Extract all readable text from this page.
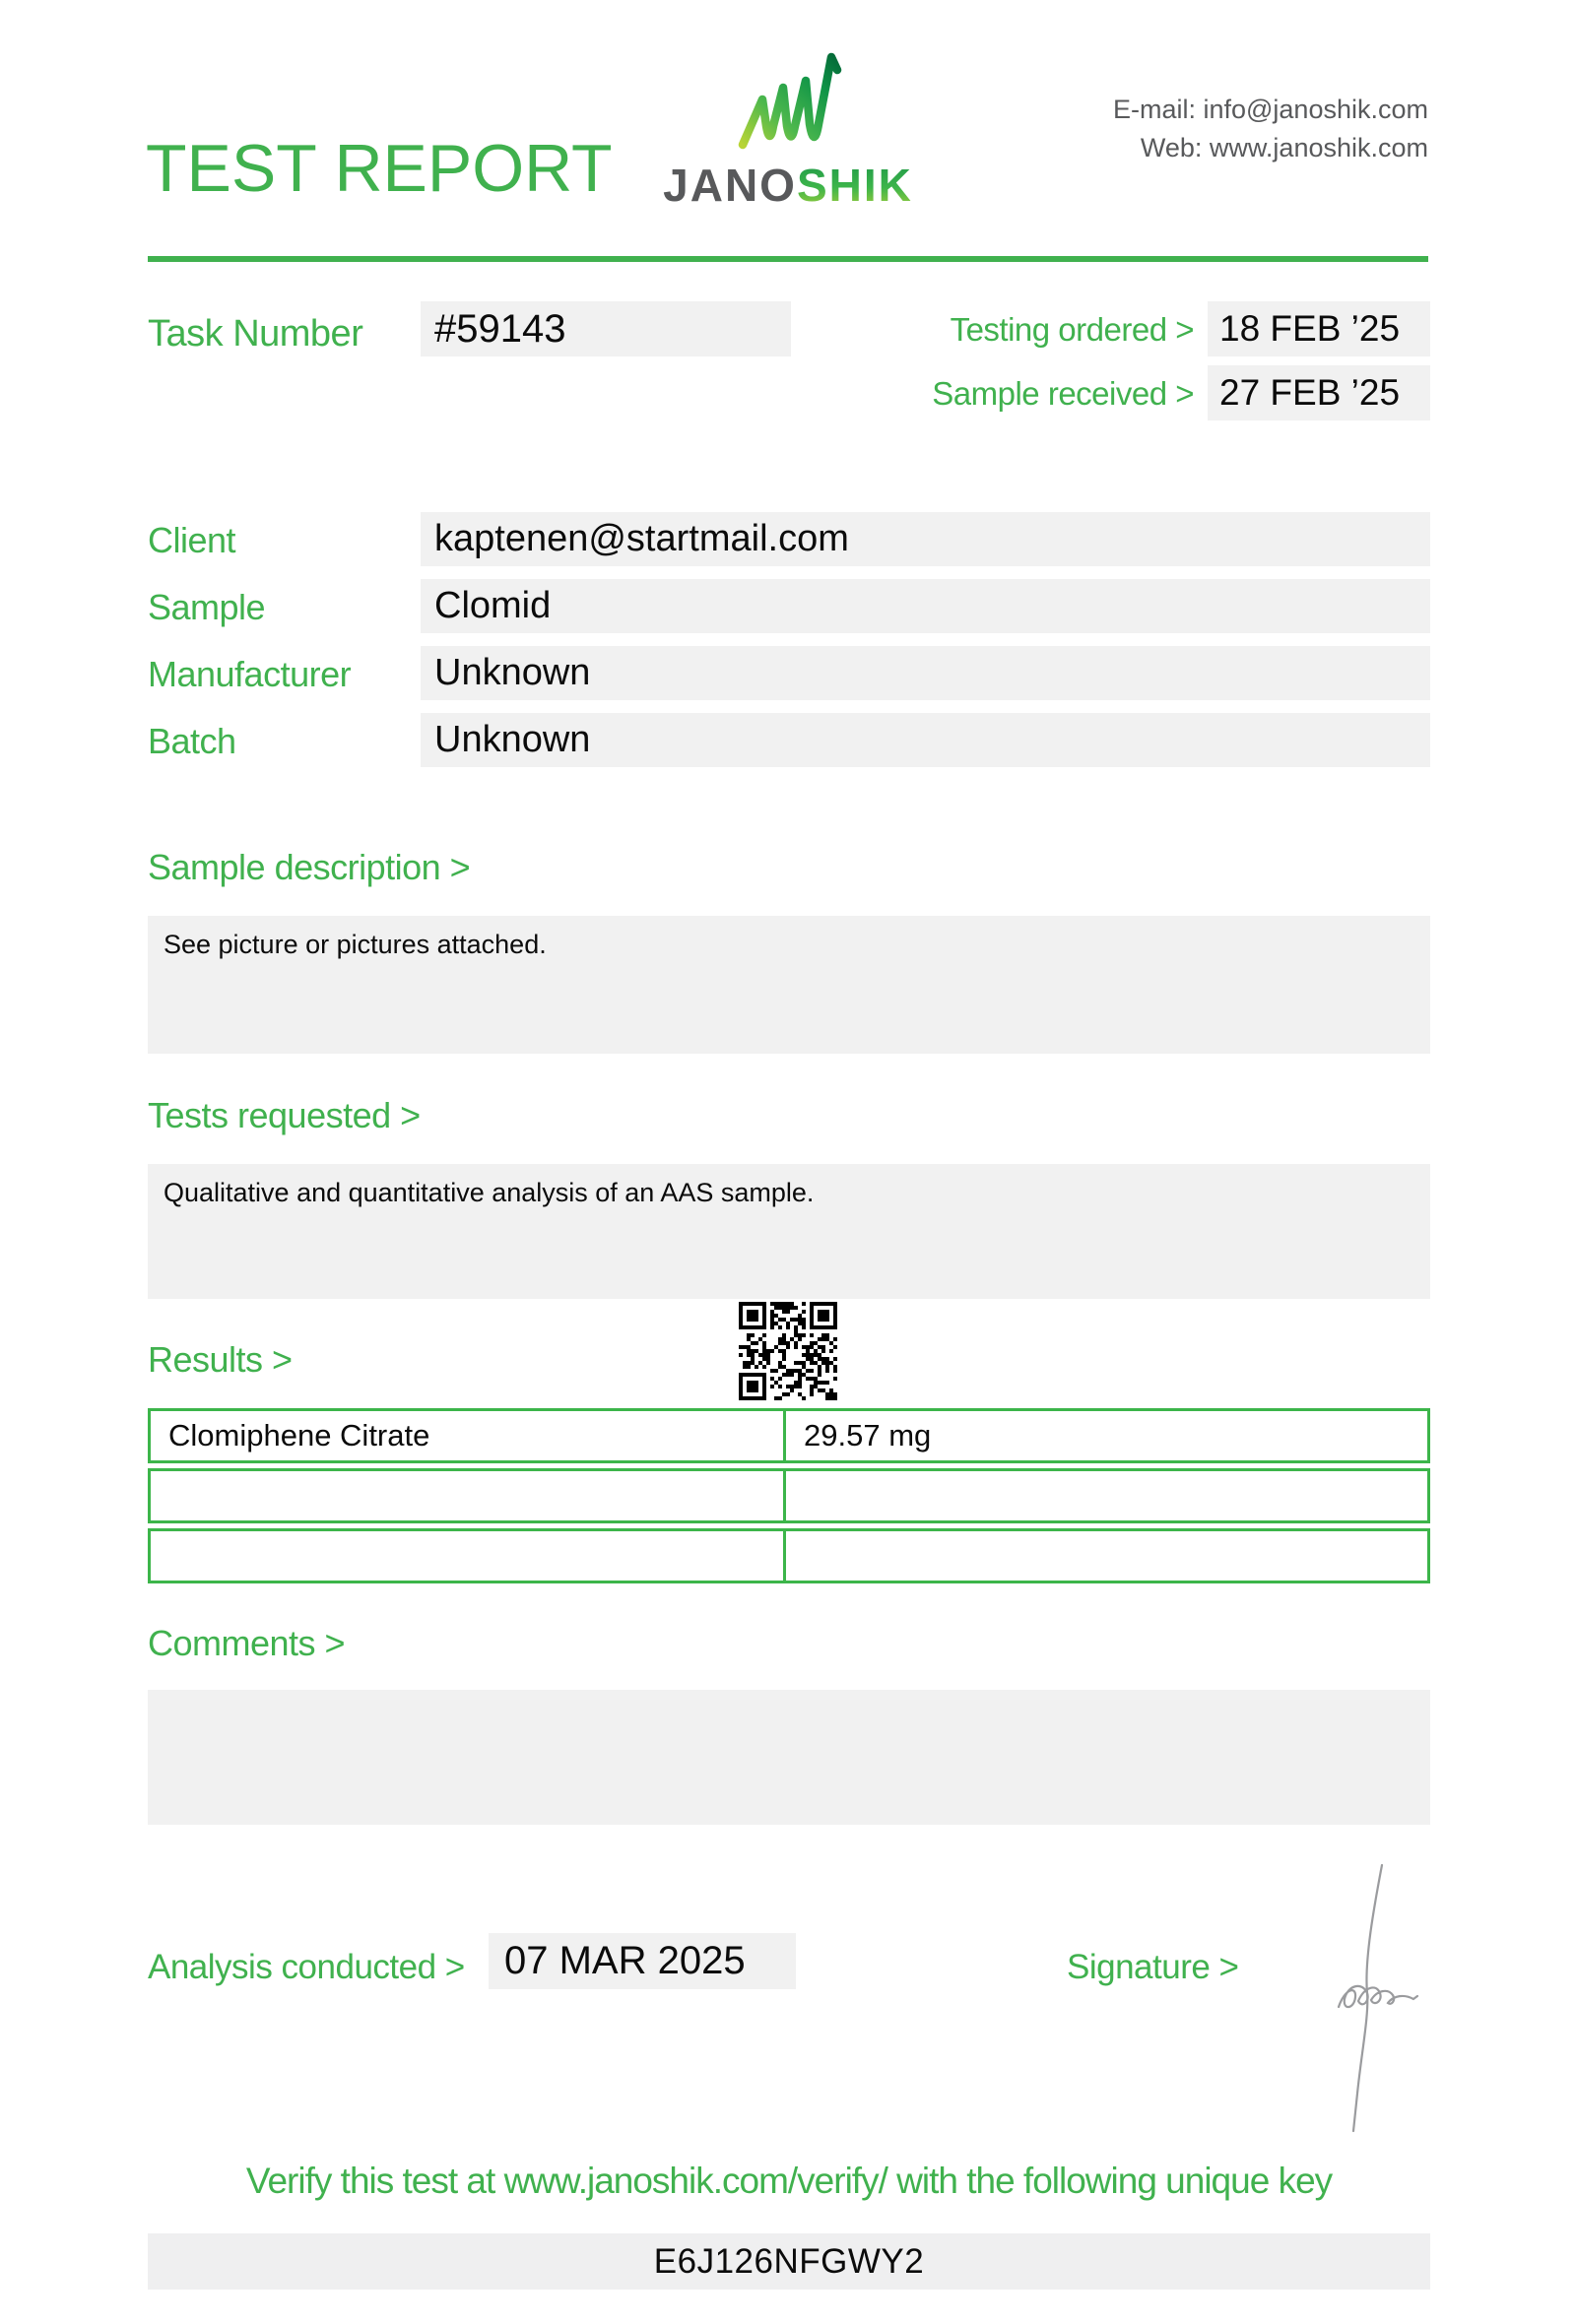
TEST REPORT JANOSHIK
E-mail: info@janoshik.com
Web: www.janoshik.com
Task Number	#59143	Testing ordered > 18 FEB ’25
Sample received > 27 FEB ’25
Client	kaptenen@startmail.com
Sample	Clomid
Manufacturer	Unknown
Batch	Unknown
Sample description >
See picture or pictures attached.
Tests requested >
Qualitative and quantitative analysis of an AAS sample.
Results >
Clomiphene Citrate	29.57 mg

Comments >
Analysis conducted >	07 MAR 2025	Signature >
Verify this test at www.janoshik.com/verify/ with the following unique key
E6J126NFGWY2
